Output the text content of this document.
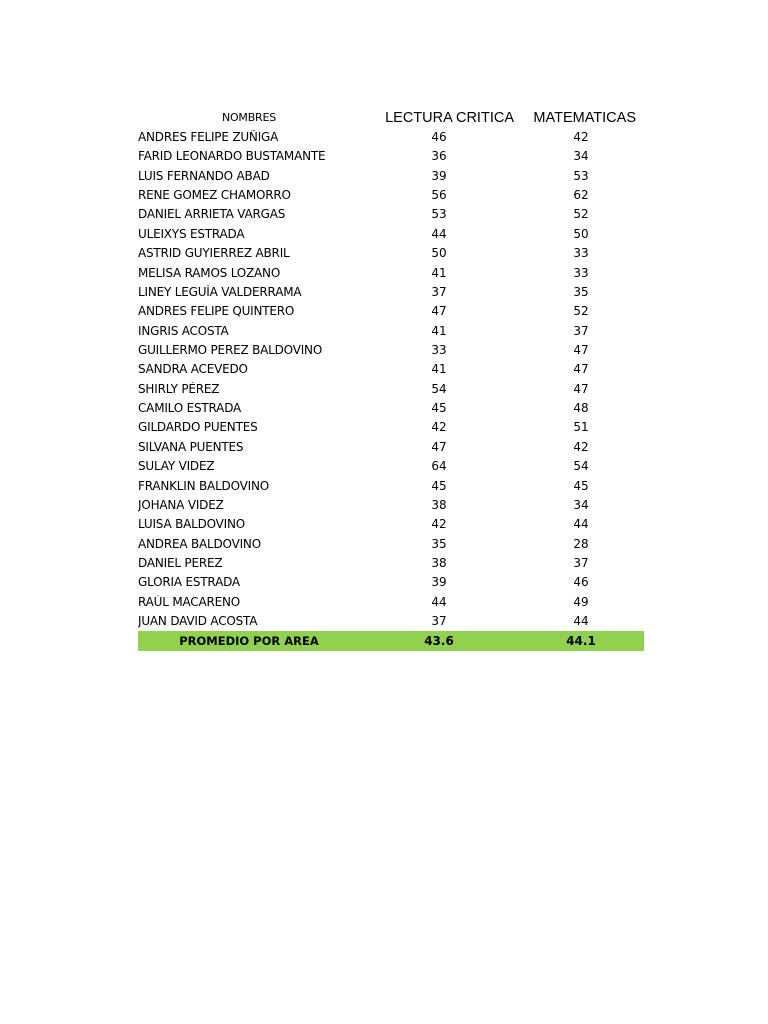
NOMBRES	LECTURA CRITICA	MATEMATICAS
ANDRES FELIPE ZUÑIGA	46	42
FARID LEONARDO BUSTAMANTE	36	34
LUIS FERNANDO ABAD	39	53
RENE GOMEZ CHAMORRO	56	62
DANIEL ARRIETA VARGAS	53	52
ULEIXYS ESTRADA	44	50
ASTRID GUYIERREZ ABRIL	50	33
MELISA RAMOS LOZANO	41	33
LINEY LEGUÍA VALDERRAMA	37	35
ANDRES FELIPE QUINTERO	47	52
INGRIS ACOSTA	41	37
GUILLERMO PEREZ BALDOVINO	33	47
SANDRA ACEVEDO	41	47
SHIRLY PÉREZ	54	47
CAMILO ESTRADA	45	48
GILDARDO PUENTES	42	51
SILVANA PUENTES	47	42
SULAY VIDEZ	64	54
FRANKLIN BALDOVINO	45	45
JOHANA VIDEZ	38	34
LUISA BALDOVINO	42	44
ANDREA BALDOVINO	35	28
DANIEL PEREZ	38	37
GLORIA ESTRADA	39	46
RAÚL MACARENO	44	49
JUAN DAVID ACOSTA	37	44
PROMEDIO POR AREA	43.6	44.1
